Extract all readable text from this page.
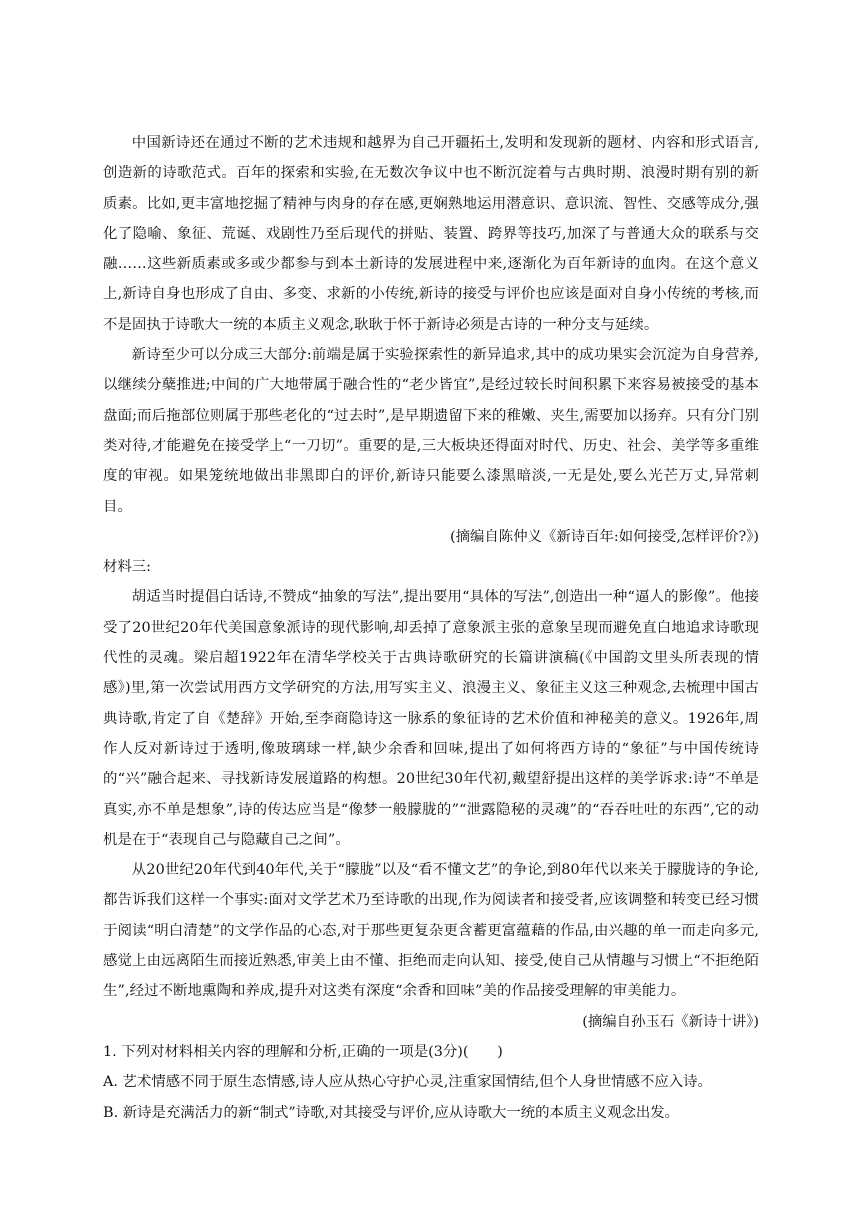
中国新诗还在通过不断的艺术违规和越界为自己开疆拓土,发明和发现新的题材、内容和形式语言,创造新的诗歌范式。百年的探索和实验,在无数次争议中也不断沉淀着与古典时期、浪漫时期有别的新质素。比如,更丰富地挖掘了精神与肉身的存在感,更娴熟地运用潜意识、意识流、智性、交感等成分,强化了隐喻、象征、荒诞、戏剧性乃至后现代的拼贴、装置、跨界等技巧,加深了与普通大众的联系与交融……这些新质素或多或少都参与到本土新诗的发展进程中来,逐渐化为百年新诗的血肉。在这个意义上,新诗自身也形成了自由、多变、求新的小传统,新诗的接受与评价也应该是面对自身小传统的考核,而不是固执于诗歌大一统的本质主义观念,耿耿于怀于新诗必须是古诗的一种分支与延续。

新诗至少可以分成三大部分:前端是属于实验探索性的新异追求,其中的成功果实会沉淀为自身营养,以继续分蘖推进;中间的广大地带属于融合性的“老少皆宜”,是经过较长时间积累下来容易被接受的基本盘面;而后拖部位则属于那些老化的“过去时”,是早期遗留下来的稚嫩、夹生,需要加以扬弃。只有分门别类对待,才能避免在接受学上“一刀切”。重要的是,三大板块还得面对时代、历史、社会、美学等多重维度的审视。如果笼统地做出非黑即白的评价,新诗只能要么漆黑暗淡,一无是处,要么光芒万丈,异常刺目。

(摘编自陈仲义《新诗百年:如何接受,怎样评价?》)

材料三:

胡适当时提倡白话诗,不赞成“抽象的写法”,提出要用“具体的写法”,创造出一种“逼人的影像”。他接受了20世纪20年代美国意象派诗的现代影响,却丢掉了意象派主张的意象呈现而避免直白地追求诗歌现代性的灵魂。梁启超1922年在清华学校关于古典诗歌研究的长篇讲演稿(《中国韵文里头所表现的情感》)里,第一次尝试用西方文学研究的方法,用写实主义、浪漫主义、象征主义这三种观念,去梳理中国古典诗歌,肯定了自《楚辞》开始,至李商隐诗这一脉系的象征诗的艺术价值和神秘美的意义。1926年,周作人反对新诗过于透明,像玻璃球一样,缺少余香和回味,提出了如何将西方诗的“象征”与中国传统诗的“兴”融合起来、寻找新诗发展道路的构想。20世纪30年代初,戴望舒提出这样的美学诉求:诗“不单是真实,亦不单是想象”,诗的传达应当是“像梦一般朦胧的”“泄露隐秘的灵魂”的“吞吞吐吐的东西”,它的动机是在于“表现自己与隐藏自己之间”。

从20世纪20年代到40年代,关于“朦胧”以及“看不懂文艺”的争论,到80年代以来关于朦胧诗的争论,都告诉我们这样一个事实:面对文学艺术乃至诗歌的出现,作为阅读者和接受者,应该调整和转变已经习惯于阅读“明白清楚”的文学作品的心态,对于那些更复杂更含蓄更富蕴藉的作品,由兴趣的单一而走向多元,感觉上由远离陌生而接近熟悉,审美上由不懂、拒绝而走向认知、接受,使自己从情趣与习惯上“不拒绝陌生”,经过不断地熏陶和养成,提升对这类有深度“余香和回味”美的作品接受理解的审美能力。

(摘编自孙玉石《新诗十讲》)

1. 下列对材料相关内容的理解和分析,正确的一项是(3分)(　　)

A. 艺术情感不同于原生态情感,诗人应从热心守护心灵,注重家国情结,但个人身世情感不应入诗。

B. 新诗是充满活力的新“制式”诗歌,对其接受与评价,应从诗歌大一统的本质主义观念出发。
